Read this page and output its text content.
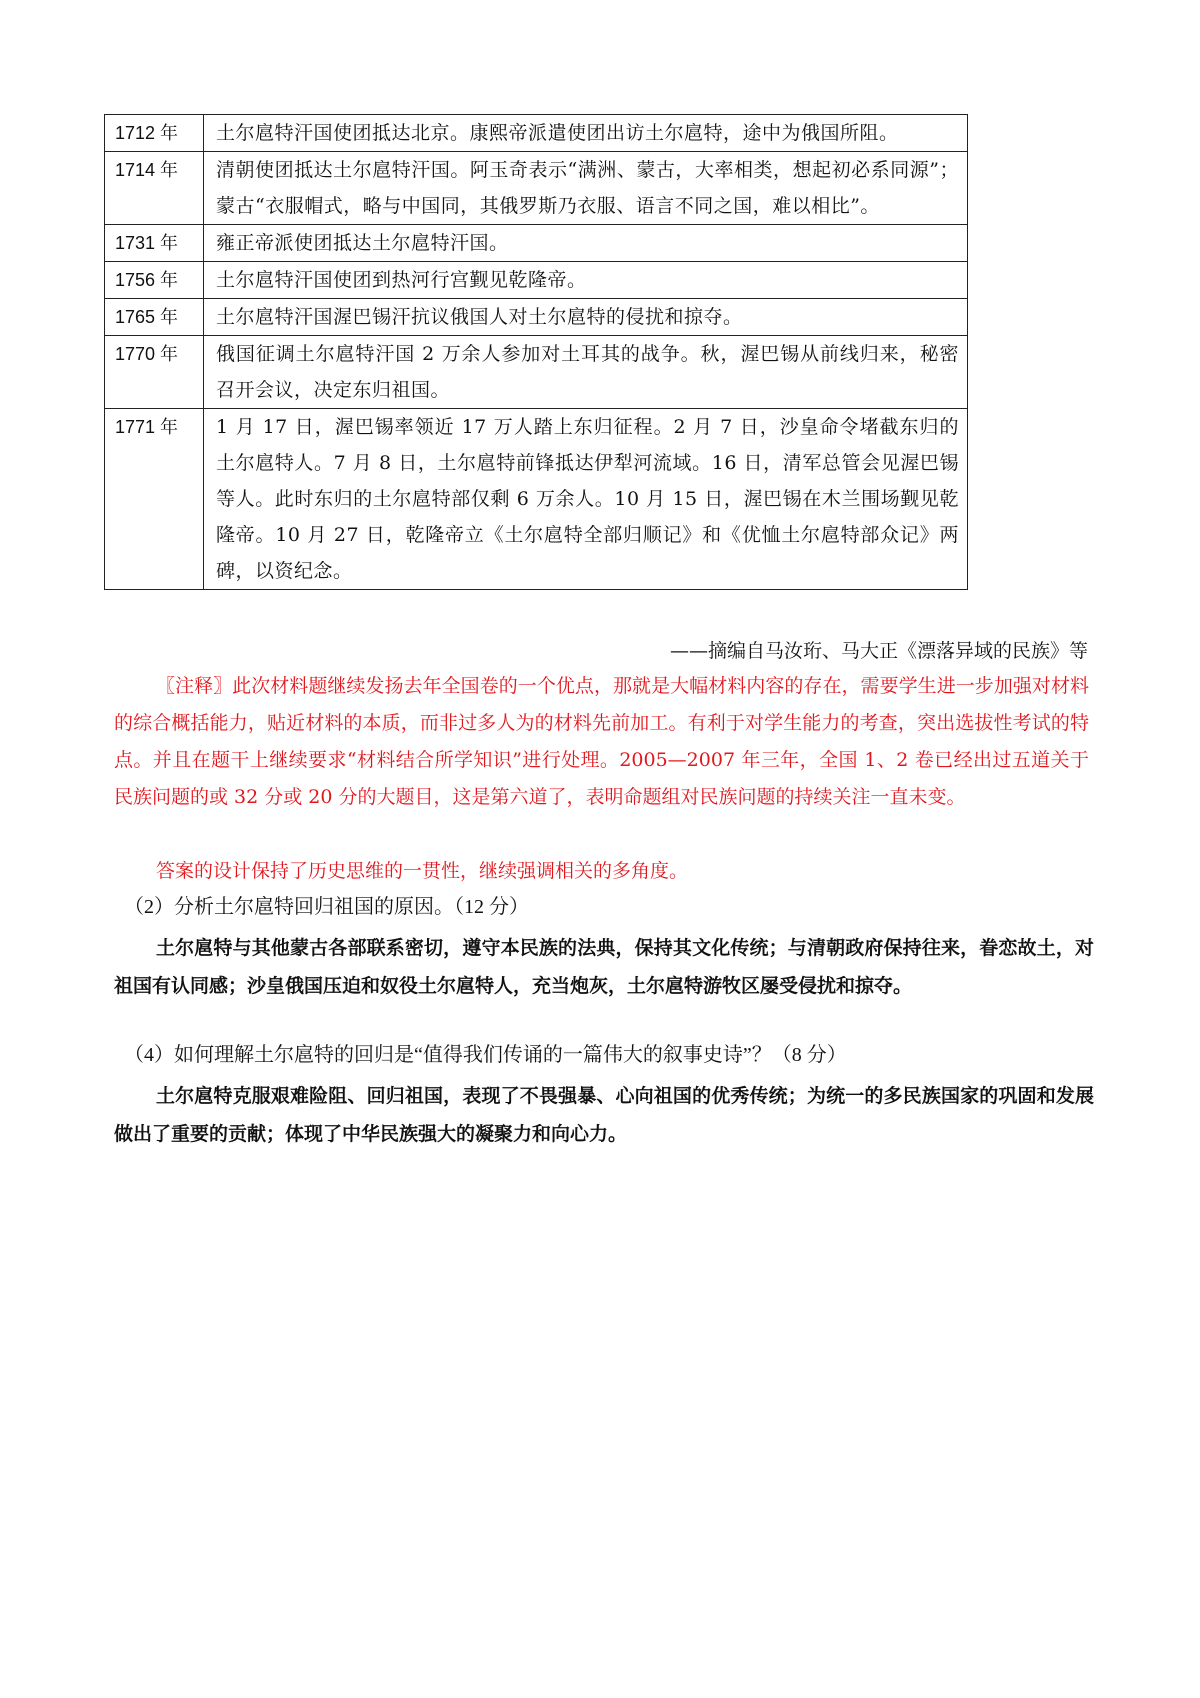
1712 年	土尔扈特汗国使团抵达北京。康熙帝派遣使团出访土尔扈特，途中为俄国所阻。
1714 年	清朝使团抵达土尔扈特汗国。阿玉奇表示“满洲、蒙古，大率相类，想起初必系同源”；蒙古“衣服帽式，略与中国同，其俄罗斯乃衣服、语言不同之国，难以相比”。
1731 年	雍正帝派使团抵达土尔扈特汗国。
1756 年	土尔扈特汗国使团到热河行宫觐见乾隆帝。
1765 年	土尔扈特汗国渥巴锡汗抗议俄国人对土尔扈特的侵扰和掠夺。
1770 年	俄国征调土尔扈特汗国 2 万余人参加对土耳其的战争。秋，渥巴锡从前线归来，秘密召开会议，决定东归祖国。
1771 年	1 月 17 日，渥巴锡率领近 17 万人踏上东归征程。2 月 7 日，沙皇命令堵截东归的土尔扈特人。7 月 8 日，土尔扈特前锋抵达伊犁河流域。16 日，清军总管会见渥巴锡等人。此时东归的土尔扈特部仅剩 6 万余人。10 月 15 日，渥巴锡在木兰围场觐见乾隆帝。10 月 27 日，乾隆帝立《土尔扈特全部归顺记》和《优恤土尔扈特部众记》两碑，以资纪念。
——摘编自马汝珩、马大正《漂落异域的民族》等

〖注释〗此次材料题继续发扬去年全国卷的一个优点，那就是大幅材料内容的存在，需要学生进一步加强对材料的综合概括能力，贴近材料的本质，而非过多人为的材料先前加工。有利于对学生能力的考查，突出选拔性考试的特点。并且在题干上继续要求“材料结合所学知识”进行处理。2005—2007 年三年，全国 1、2 卷已经出过五道关于民族问题的或 32 分或 20 分的大题目，这是第六道了，表明命题组对民族问题的持续关注一直未变。

答案的设计保持了历史思维的一贯性，继续强调相关的多角度。

（2）分析土尔扈特回归祖国的原因。（12 分）

土尔扈特与其他蒙古各部联系密切，遵守本民族的法典，保持其文化传统；与清朝政府保持往来，眷恋故土，对祖国有认同感；沙皇俄国压迫和奴役土尔扈特人，充当炮灰，土尔扈特游牧区屡受侵扰和掠夺。

（4）如何理解土尔扈特的回归是“值得我们传诵的一篇伟大的叙事史诗”？（8 分）

土尔扈特克服艰难险阻、回归祖国，表现了不畏强暴、心向祖国的优秀传统；为统一的多民族国家的巩固和发展做出了重要的贡献；体现了中华民族强大的凝聚力和向心力。
